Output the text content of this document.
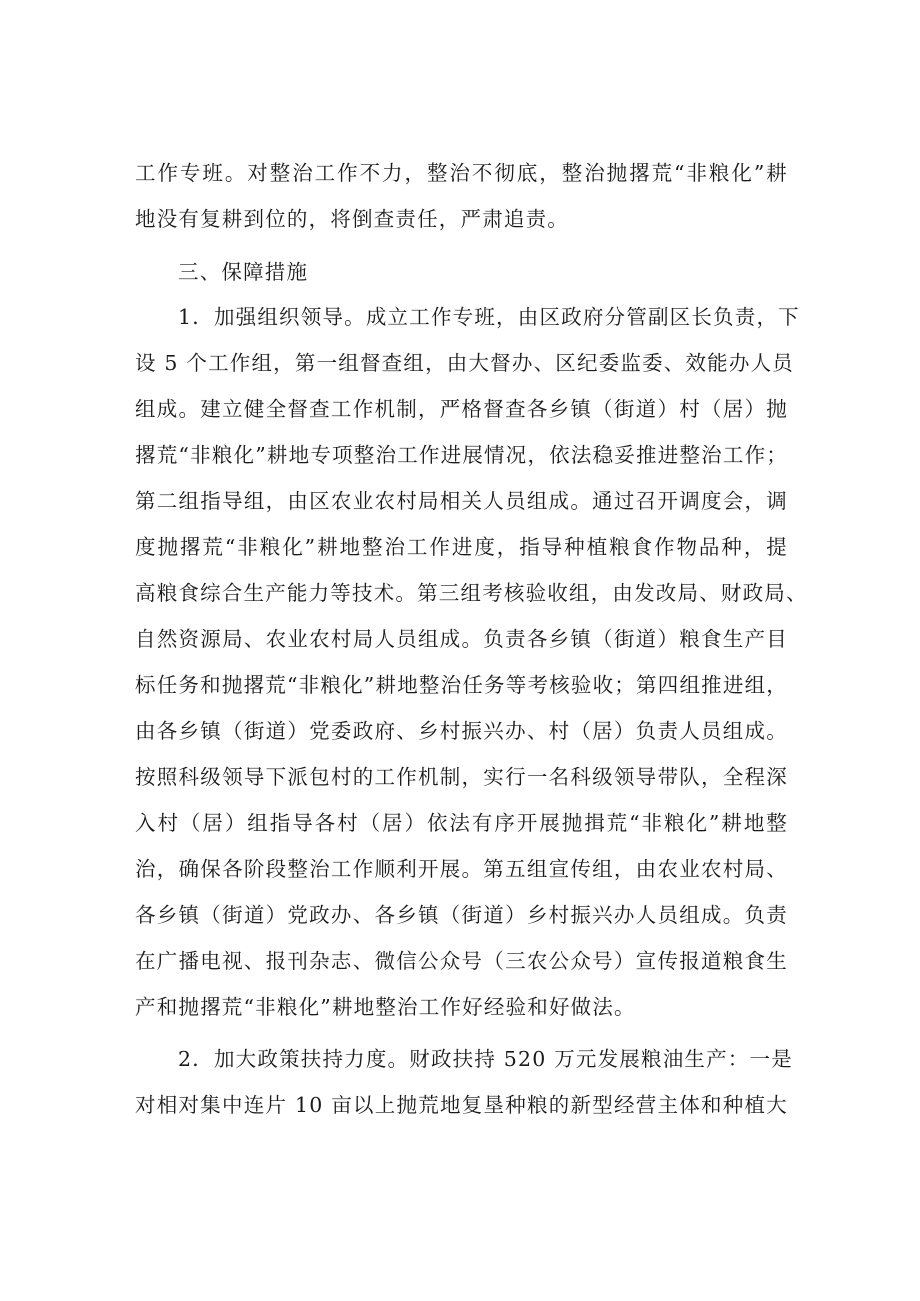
工作专班。对整治工作不力，整治不彻底，整治抛撂荒“非粮化”耕
地没有复耕到位的，将倒查责任，严肃追责。
三、保障措施
1．加强组织领导。成立工作专班，由区政府分管副区长负责，下
设 5 个工作组，第一组督查组，由大督办、区纪委监委、效能办人员
组成。建立健全督查工作机制，严格督查各乡镇（街道）村（居）抛
撂荒“非粮化”耕地专项整治工作进展情况，依法稳妥推进整治工作；
第二组指导组，由区农业农村局相关人员组成。通过召开调度会，调
度抛撂荒“非粮化”耕地整治工作进度，指导种植粮食作物品种，提
高粮食综合生产能力等技术。第三组考核验收组，由发改局、财政局、
自然资源局、农业农村局人员组成。负责各乡镇（街道）粮食生产目
标任务和抛撂荒“非粮化”耕地整治任务等考核验收；第四组推进组，
由各乡镇（街道）党委政府、乡村振兴办、村（居）负责人员组成。
按照科级领导下派包村的工作机制，实行一名科级领导带队，全程深
入村（居）组指导各村（居）依法有序开展抛揖荒“非粮化”耕地整
治，确保各阶段整治工作顺利开展。第五组宣传组，由农业农村局、
各乡镇（街道）党政办、各乡镇（街道）乡村振兴办人员组成。负责
在广播电视、报刊杂志、微信公众号（三农公众号）宣传报道粮食生
产和抛撂荒“非粮化”耕地整治工作好经验和好做法。
2．加大政策扶持力度。财政扶持 520 万元发展粮油生产：一是
对相对集中连片 10 亩以上抛荒地复垦种粮的新型经营主体和种植大
